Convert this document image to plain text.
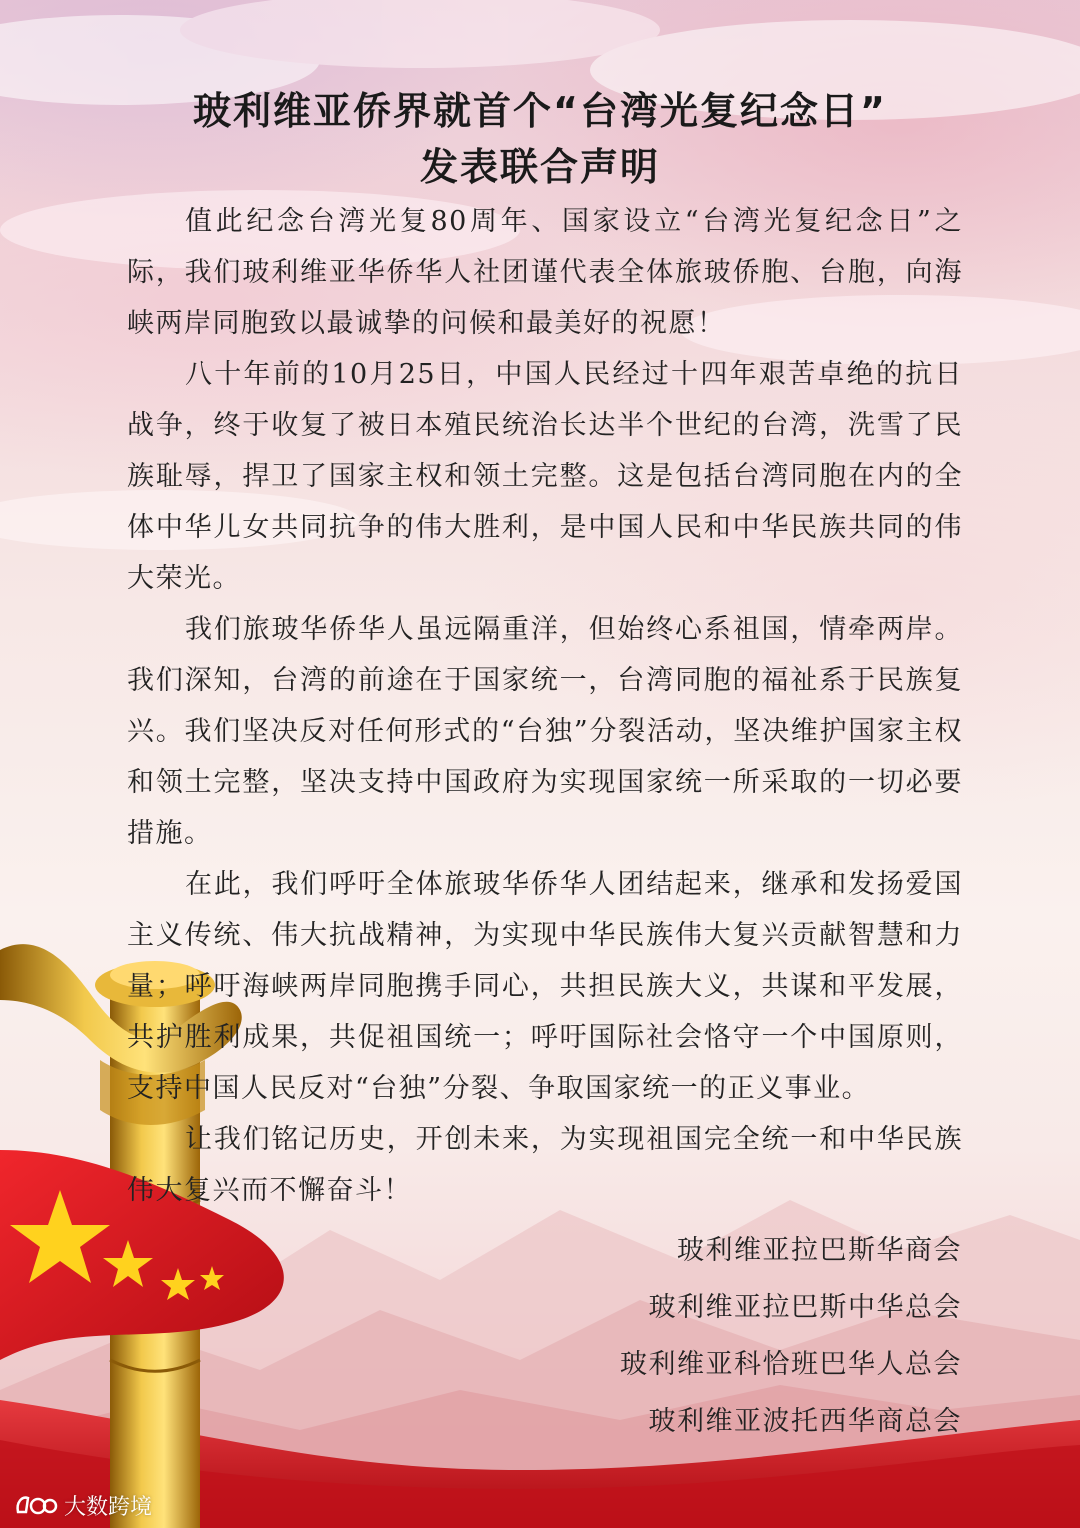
玻利维亚侨界就首个“台湾光复纪念日”
发表联合声明

值此纪念台湾光复80周年、国家设立“台湾光复纪念日”之际，我们玻利维亚华侨华人社团谨代表全体旅玻侨胞、台胞，向海峡两岸同胞致以最诚挚的问候和最美好的祝愿！

八十年前的10月25日，中国人民经过十四年艰苦卓绝的抗日战争，终于收复了被日本殖民统治长达半个世纪的台湾，洗雪了民族耻辱，捍卫了国家主权和领土完整。这是包括台湾同胞在内的全体中华儿女共同抗争的伟大胜利，是中国人民和中华民族共同的伟大荣光。

我们旅玻华侨华人虽远隔重洋，但始终心系祖国，情牵两岸。我们深知，台湾的前途在于国家统一，台湾同胞的福祉系于民族复兴。我们坚决反对任何形式的“台独”分裂活动，坚决维护国家主权和领土完整，坚决支持中国政府为实现国家统一所采取的一切必要措施。

在此，我们呼吁全体旅玻华侨华人团结起来，继承和发扬爱国主义传统、伟大抗战精神，为实现中华民族伟大复兴贡献智慧和力量；呼吁海峡两岸同胞携手同心，共担民族大义，共谋和平发展，共护胜利成果，共促祖国统一；呼吁国际社会恪守一个中国原则，支持中国人民反对“台独”分裂、争取国家统一的正义事业。

让我们铭记历史，开创未来，为实现祖国完全统一和中华民族伟大复兴而不懈奋斗！

玻利维亚拉巴斯华商会
玻利维亚拉巴斯中华总会
玻利维亚科恰班巴华人总会
玻利维亚波托西华商总会
大数跨境
